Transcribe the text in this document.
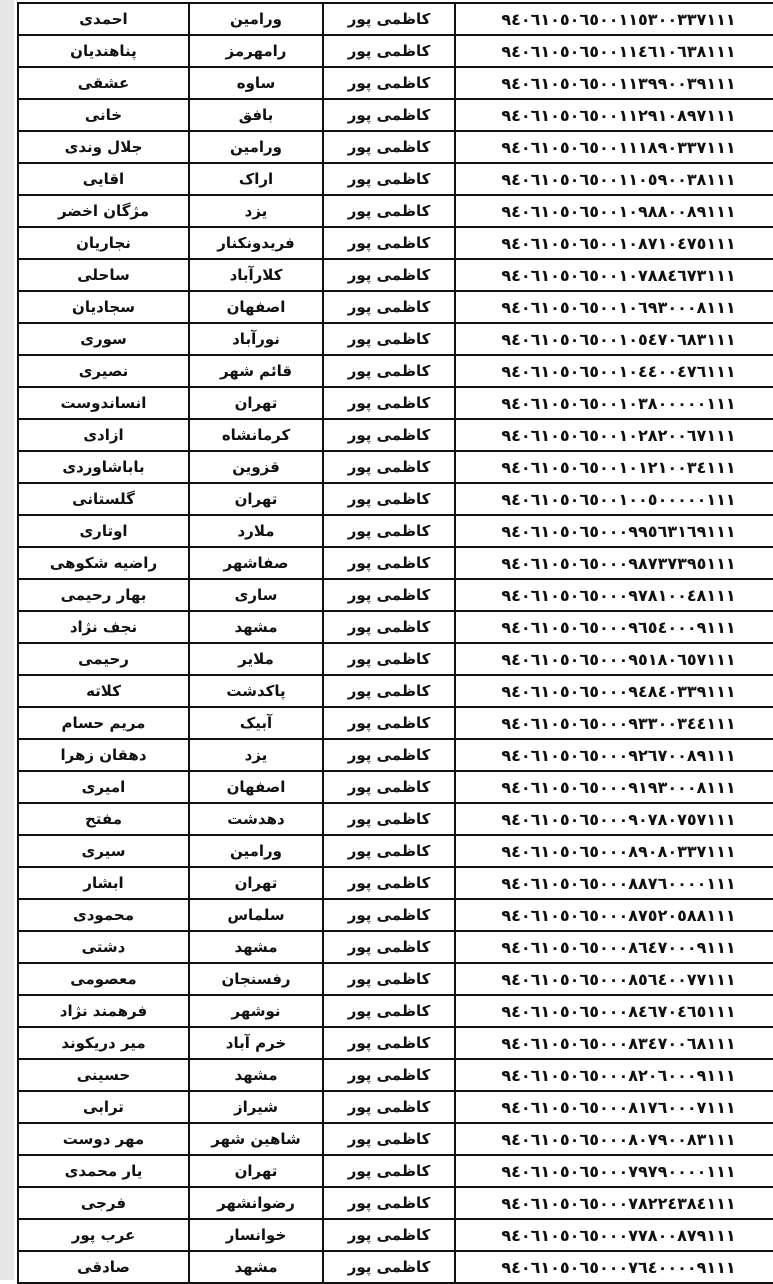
احمدی	ورامین	کاظمی پور	۹٤۰٦۱۰٥۰٦٥۰۰۱۱٥۳۰۰۳۳۷۱۱۱
پناهندیان	رامهرمز	کاظمی پور	۹٤۰٦۱۰٥۰٦٥۰۰۱۱٤٦۱۰٦۳۸۱۱۱
عشقی	ساوه	کاظمی پور	۹٤۰٦۱۰٥۰٦٥۰۰۱۱۳۹۹۰۰۳۹۱۱۱
خانی	بافق	کاظمی پور	۹٤۰٦۱۰٥۰٦٥۰۰۱۱۲۹۱۰۸۹۷۱۱۱
جلال وندی	ورامین	کاظمی پور	۹٤۰٦۱۰٥۰٦٥۰۰۱۱۱۸۹۰۳۳۷۱۱۱
اقایی	اراک	کاظمی پور	۹٤۰٦۱۰٥۰٦٥۰۰۱۱۰٥۹۰۰۳۸۱۱۱
مژگان اخضر	یزد	کاظمی پور	۹٤۰٦۱۰٥۰٦٥۰۰۱۰۹۸۸۰۰۸۹۱۱۱
نجاریان	فریدونکنار	کاظمی پور	۹٤۰٦۱۰٥۰٦٥۰۰۱۰۸۷۱۰٤۷٥۱۱۱
ساحلی	کلارآباد	کاظمی پور	۹٤۰٦۱۰٥۰٦٥۰۰۱۰۷۸۸٤٦۷۳۱۱۱
سجادیان	اصفهان	کاظمی پور	۹٤۰٦۱۰٥۰٦٥۰۰۱۰٦۹۳۰۰۰۸۱۱۱
سوری	نورآباد	کاظمی پور	۹٤۰٦۱۰٥۰٦٥۰۰۱۰٥٤۷۰٦۸۳۱۱۱
نصیری	قائم شهر	کاظمی پور	۹٤۰٦۱۰٥۰٦٥۰۰۱۰٤٤۰۰٤۷٦۱۱۱
انساندوست	تهران	کاظمی پور	۹٤۰٦۱۰٥۰٦٥۰۰۱۰۳۸۰۰۰۰۰۱۱۱
ازادی	کرمانشاه	کاظمی پور	۹٤۰٦۱۰٥۰٦٥۰۰۱۰۲۸۲۰۰٦۷۱۱۱
باباشاوردی	قزوین	کاظمی پور	۹٤۰٦۱۰٥۰٦٥۰۰۱۰۱۲۱۰۰۳٤۱۱۱
گلستانی	تهران	کاظمی پور	۹٤۰٦۱۰٥۰٦٥۰۰۱۰۰٥۰۰۰۰۰۱۱۱
اوتاری	ملارد	کاظمی پور	۹٤۰٦۱۰٥۰٦٥۰۰۰۹۹٥٦۳۱٦۹۱۱۱
راضیه شکوهی	صفاشهر	کاظمی پور	۹٤۰٦۱۰٥۰٦٥۰۰۰۹۸۷۳۷۳۹٥۱۱۱
بهار رحیمی	ساری	کاظمی پور	۹٤۰٦۱۰٥۰٦٥۰۰۰۹۷۸۱۰۰٤۸۱۱۱
نجف نژاد	مشهد	کاظمی پور	۹٤۰٦۱۰٥۰٦٥۰۰۰۹٦٥٤۰۰۰۹۱۱۱
رحیمی	ملایر	کاظمی پور	۹٤۰٦۱۰٥۰٦٥۰۰۰۹٥۱۸۰٦٥۷۱۱۱
کلاته	پاکدشت	کاظمی پور	۹٤۰٦۱۰٥۰٦٥۰۰۰۹٤۸٤۰۳۳۹۱۱۱
مریم حسام	آبیک	کاظمی پور	۹٤۰٦۱۰٥۰٦٥۰۰۰۹۳۳۰۰۳٤٤۱۱۱
دهقان زهرا	یزد	کاظمی پور	۹٤۰٦۱۰٥۰٦٥۰۰۰۹۲٦۷۰۰۸۹۱۱۱
امیری	اصفهان	کاظمی پور	۹٤۰٦۱۰٥۰٦٥۰۰۰۹۱۹۳۰۰۰۸۱۱۱
مفتح	دهدشت	کاظمی پور	۹٤۰٦۱۰٥۰٦٥۰۰۰۹۰۷۸۰۷٥۷۱۱۱
سیری	ورامین	کاظمی پور	۹٤۰٦۱۰٥۰٦٥۰۰۰۸۹۰۸۰۳۳۷۱۱۱
ابشار	تهران	کاظمی پور	۹٤۰٦۱۰٥۰٦٥۰۰۰۸۸۷٦۰۰۰۰۱۱۱
محمودی	سلماس	کاظمی پور	۹٤۰٦۱۰٥۰٦٥۰۰۰۸۷٥۲۰٥۸۸۱۱۱
دشتی	مشهد	کاظمی پور	۹٤۰٦۱۰٥۰٦٥۰۰۰۸٦٤۷۰۰۰۹۱۱۱
معصومی	رفسنجان	کاظمی پور	۹٤۰٦۱۰٥۰٦٥۰۰۰۸٥٦٤۰۰۷۷۱۱۱
فرهمند نژاد	نوشهر	کاظمی پور	۹٤۰٦۱۰٥۰٦٥۰۰۰۸٤٦۷۰٤٦٥۱۱۱
میر دریکوند	خرم آباد	کاظمی پور	۹٤۰٦۱۰٥۰٦٥۰۰۰۸۳٤۷۰۰٦۸۱۱۱
حسینی	مشهد	کاظمی پور	۹٤۰٦۱۰٥۰٦٥۰۰۰۸۲۰٦۰۰۰۹۱۱۱
ترابی	شیراز	کاظمی پور	۹٤۰٦۱۰٥۰٦٥۰۰۰۸۱۷٦۰۰۰۷۱۱۱
مهر دوست	شاهین شهر	کاظمی پور	۹٤۰٦۱۰٥۰٦٥۰۰۰۸۰۷۹۰۰۸۳۱۱۱
یار محمدی	تهران	کاظمی پور	۹٤۰٦۱۰٥۰٦٥۰۰۰۷۹۷۹۰۰۰۰۱۱۱
فرجی	رضوانشهر	کاظمی پور	۹٤۰٦۱۰٥۰٦٥۰۰۰۷۸۲۲٤۳۸٤۱۱۱
عرب پور	خوانسار	کاظمی پور	۹٤۰٦۱۰٥۰٦٥۰۰۰۷۷۸۰۰۸۷۹۱۱۱
صادقی	مشهد	کاظمی پور	۹٤۰٦۱۰٥۰٦٥۰۰۰۷٦٤۰۰۰۰۹۱۱۱
